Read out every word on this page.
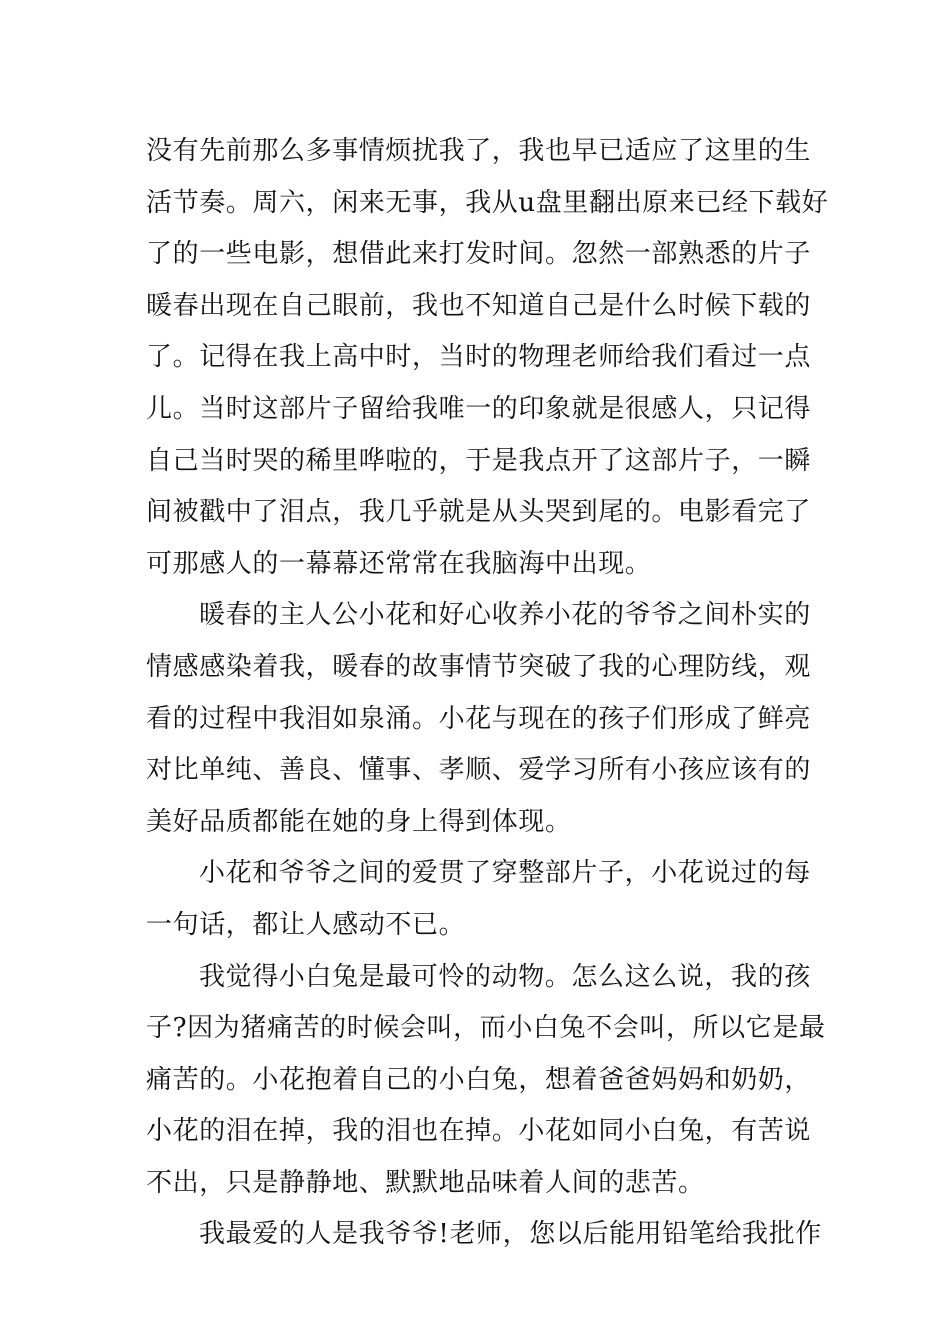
没有先前那么多事情烦扰我了，我也早已适应了这里的生
活节奏。周六，闲来无事，我从u盘里翻出原来已经下载好
了的一些电影，想借此来打发时间。忽然一部熟悉的片子
暖春出现在自己眼前，我也不知道自己是什么时候下载的
了。记得在我上高中时，当时的物理老师给我们看过一点
儿。当时这部片子留给我唯一的印象就是很感人，只记得
自己当时哭的稀里哗啦的，于是我点开了这部片子，一瞬
间被戳中了泪点，我几乎就是从头哭到尾的。电影看完了
可那感人的一幕幕还常常在我脑海中出现。
暖春的主人公小花和好心收养小花的爷爷之间朴实的
情感感染着我，暖春的故事情节突破了我的心理防线，观
看的过程中我泪如泉涌。小花与现在的孩子们形成了鲜亮
对比单纯、善良、懂事、孝顺、爱学习所有小孩应该有的
美好品质都能在她的身上得到体现。
小花和爷爷之间的爱贯了穿整部片子，小花说过的每
一句话，都让人感动不已。
我觉得小白兔是最可怜的动物。怎么这么说，我的孩
子?因为猪痛苦的时候会叫，而小白兔不会叫，所以它是最
痛苦的。小花抱着自己的小白兔，想着爸爸妈妈和奶奶，
小花的泪在掉，我的泪也在掉。小花如同小白兔，有苦说
不出，只是静静地、默默地品味着人间的悲苦。
我最爱的人是我爷爷!老师，您以后能用铅笔给我批作
